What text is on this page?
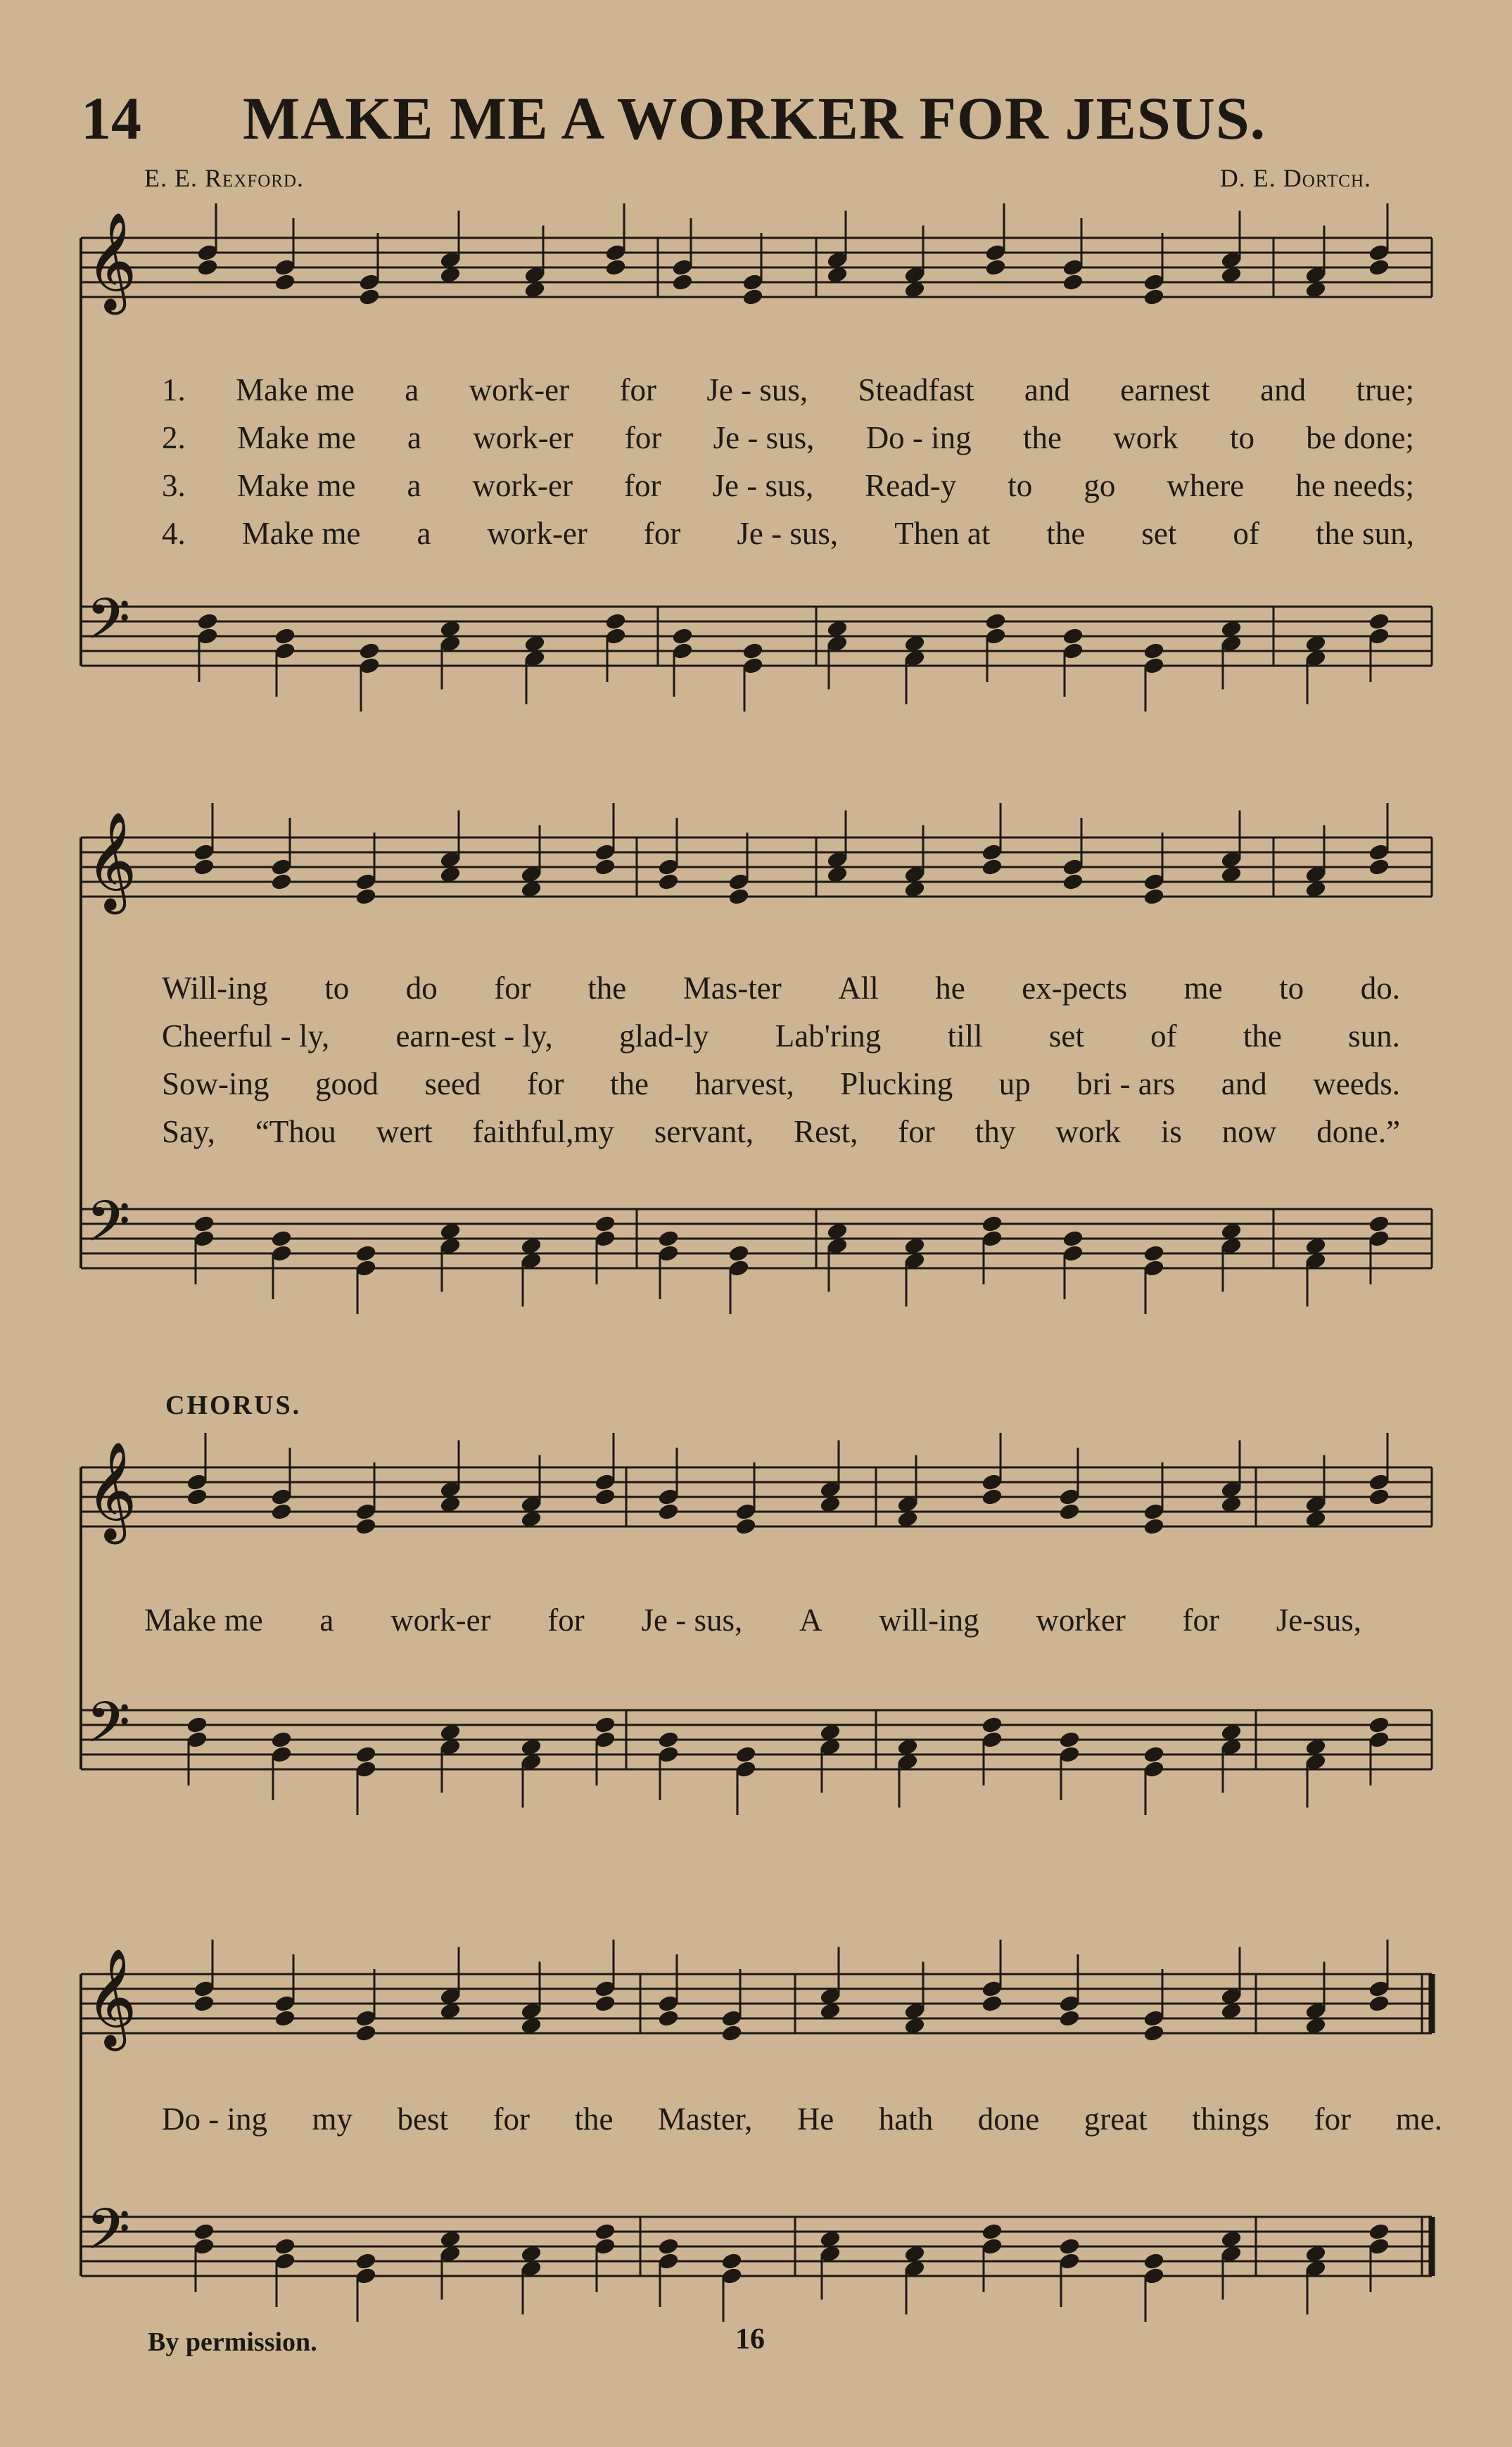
14 MAKE ME A WORKER FOR JESUS.
E. E. Rexford.	D. E. Dortch.
𝄞
𝄢
𝄞
𝄢
𝄞
𝄢
𝄞
𝄢
1. Make me a work-er for Je - sus, Steadfast and earnest and true;
2. Make me a work-er for Je - sus, Do - ing the work to be done;
3. Make me a work-er for Je - sus, Read-y to go where he needs;
4. Make me a work-er for Je - sus, Then at the set of the sun,
Will-ing to do for the Mas-ter All he ex-pects me to do.
Cheerful - ly, earn-est - ly, glad-ly Lab'ring till set of the sun.
Sow-ing good seed for the harvest, Plucking up bri - ars and weeds.
Say, “Thou wert faithful,my servant, Rest, for thy work is now done.”
CHORUS.
Make me a work-er for Je - sus, A will-ing worker for Je-sus,
Do - ing my best for the Master, He hath done great things for me.
By permission.	16
